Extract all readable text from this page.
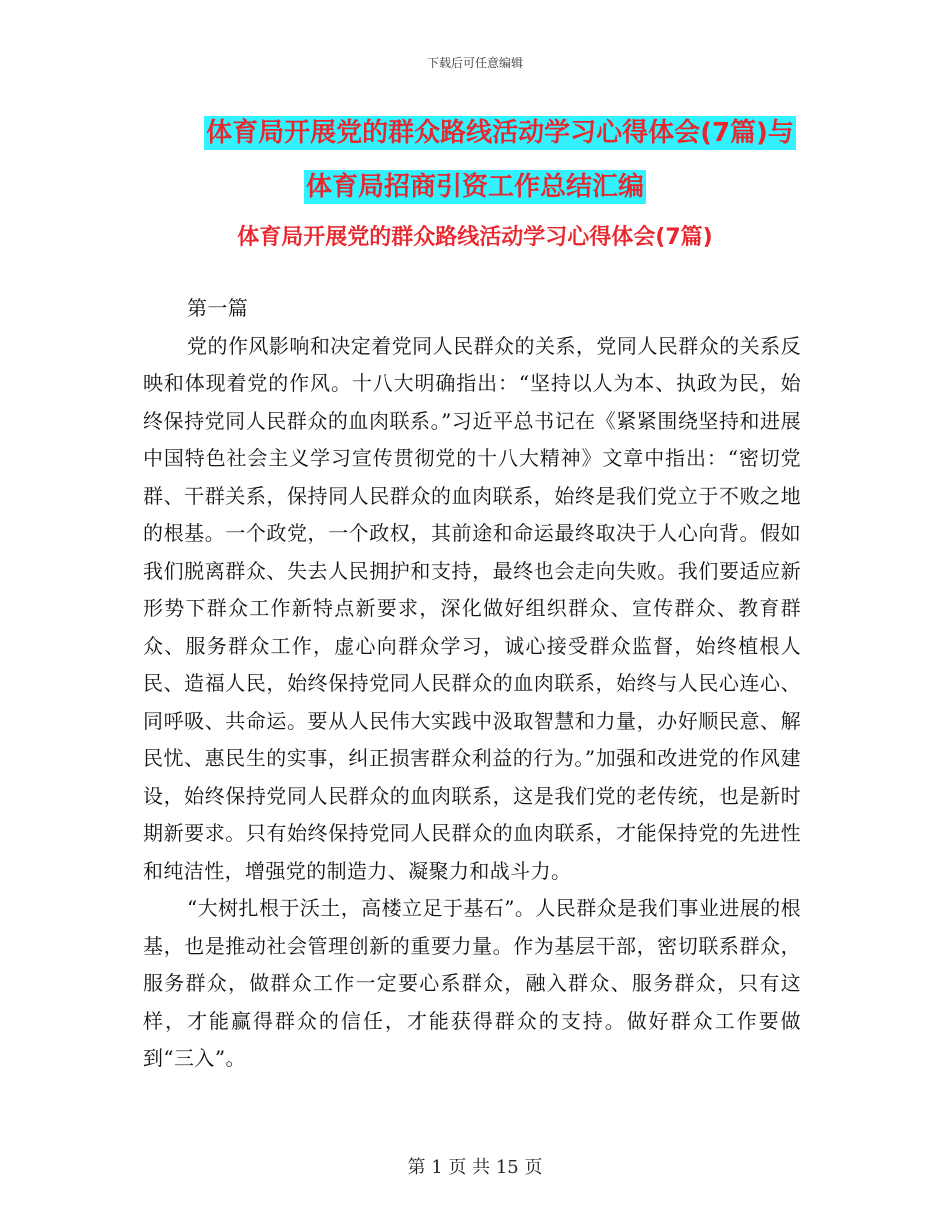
下载后可任意编辑
体育局开展党的群众路线活动学习心得体会(7篇)与
体育局招商引资工作总结汇编
体育局开展党的群众路线活动学习心得体会(7篇)

第一篇

党的作风影响和决定着党同人民群众的关系，党同人民群众的关系反映和体现着党的作风。十八大明确指出：“坚持以人为本、执政为民，始终保持党同人民群众的血肉联系。”习近平总书记在《紧紧围绕坚持和进展中国特色社会主义学习宣传贯彻党的十八大精神》文章中指出：“密切党群、干群关系，保持同人民群众的血肉联系，始终是我们党立于不败之地的根基。一个政党，一个政权，其前途和命运最终取决于人心向背。假如我们脱离群众、失去人民拥护和支持，最终也会走向失败。我们要适应新形势下群众工作新特点新要求，深化做好组织群众、宣传群众、教育群众、服务群众工作，虚心向群众学习，诚心接受群众监督，始终植根人民、造福人民，始终保持党同人民群众的血肉联系，始终与人民心连心、同呼吸、共命运。要从人民伟大实践中汲取智慧和力量，办好顺民意、解民忧、惠民生的实事，纠正损害群众利益的行为。”加强和改进党的作风建设，始终保持党同人民群众的血肉联系，这是我们党的老传统，也是新时期新要求。只有始终保持党同人民群众的血肉联系，才能保持党的先进性和纯洁性，增强党的制造力、凝聚力和战斗力。

“大树扎根于沃土，高楼立足于基石”。人民群众是我们事业进展的根基，也是推动社会管理创新的重要力量。作为基层干部，密切联系群众，服务群众，做群众工作一定要心系群众，融入群众、服务群众，只有这样，才能赢得群众的信任，才能获得群众的支持。做好群众工作要做到“三入”。

第 1 页 共 15 页
